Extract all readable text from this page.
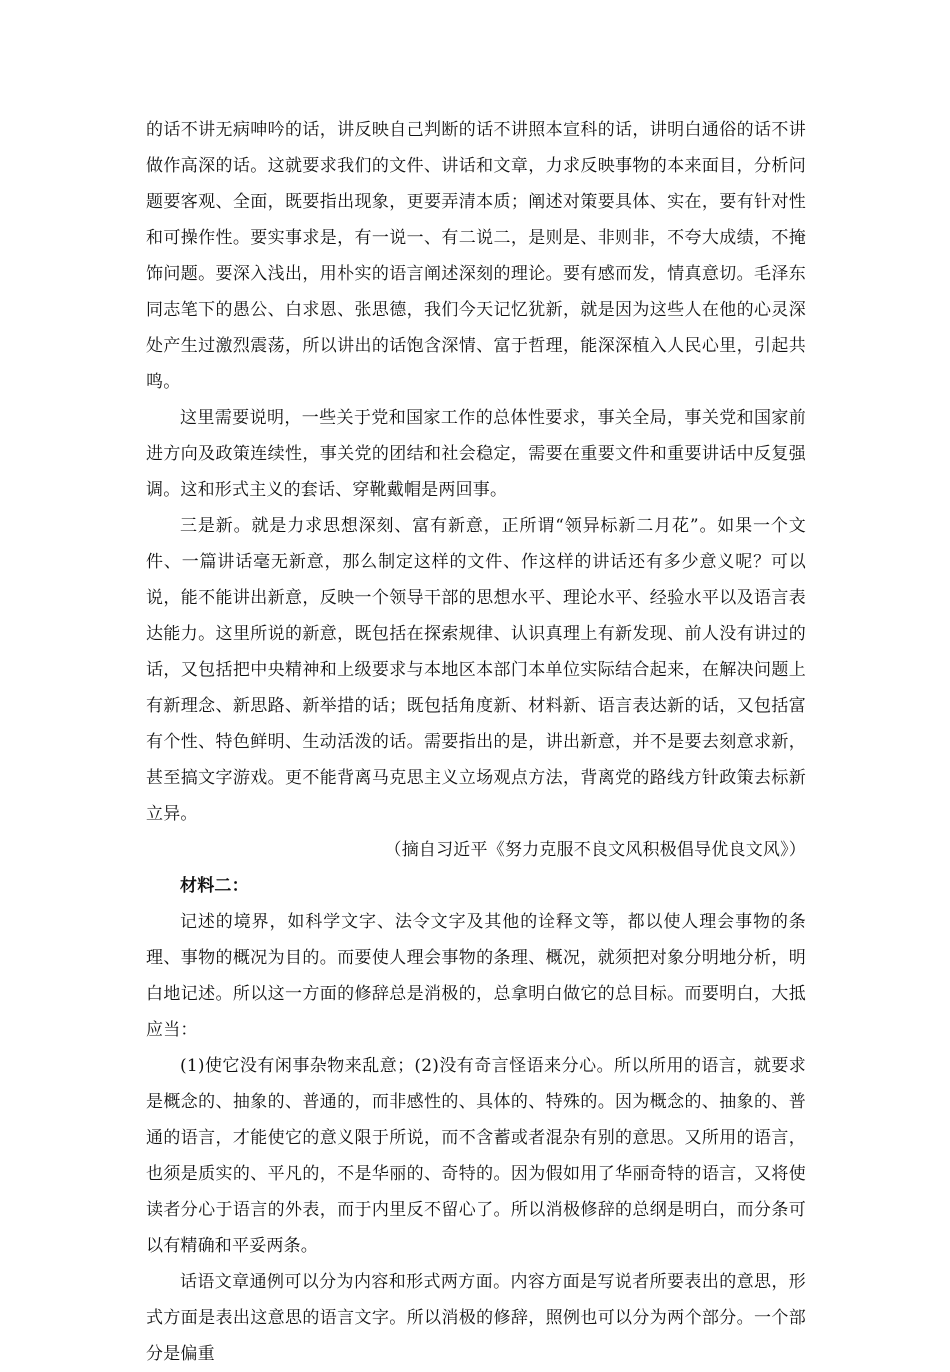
的话不讲无病呻吟的话，讲反映自己判断的话不讲照本宣科的话，讲明白通俗的话不讲做作高深的话。这就要求我们的文件、讲话和文章，力求反映事物的本来面目，分析问题要客观、全面，既要指出现象，更要弄清本质；阐述对策要具体、实在，要有针对性和可操作性。要实事求是，有一说一、有二说二，是则是、非则非，不夸大成绩，不掩饰问题。要深入浅出，用朴实的语言阐述深刻的理论。要有感而发，情真意切。毛泽东同志笔下的愚公、白求恩、张思德，我们今天记忆犹新，就是因为这些人在他的心灵深处产生过激烈震荡，所以讲出的话饱含深情、富于哲理，能深深植入人民心里，引起共鸣。

这里需要说明，一些关于党和国家工作的总体性要求，事关全局，事关党和国家前进方向及政策连续性，事关党的团结和社会稳定，需要在重要文件和重要讲话中反复强调。这和形式主义的套话、穿靴戴帽是两回事。

三是新。就是力求思想深刻、富有新意，正所谓“领异标新二月花”。如果一个文件、一篇讲话毫无新意，那么制定这样的文件、作这样的讲话还有多少意义呢？可以说，能不能讲出新意，反映一个领导干部的思想水平、理论水平、经验水平以及语言表达能力。这里所说的新意，既包括在探索规律、认识真理上有新发现、前人没有讲过的话，又包括把中央精神和上级要求与本地区本部门本单位实际结合起来，在解决问题上有新理念、新思路、新举措的话；既包括角度新、材料新、语言表达新的话，又包括富有个性、特色鲜明、生动活泼的话。需要指出的是，讲出新意，并不是要去刻意求新，甚至搞文字游戏。更不能背离马克思主义立场观点方法，背离党的路线方针政策去标新立异。

（摘自习近平《努力克服不良文风积极倡导优良文风》）

材料二：

记述的境界，如科学文字、法令文字及其他的诠释文等，都以使人理会事物的条理、事物的概况为目的。而要使人理会事物的条理、概况，就须把对象分明地分析，明白地记述。所以这一方面的修辞总是消极的，总拿明白做它的总目标。而要明白，大抵应当：

(1)使它没有闲事杂物来乱意；(2)没有奇言怪语来分心。所以所用的语言，就要求是概念的、抽象的、普通的，而非感性的、具体的、特殊的。因为概念的、抽象的、普通的语言，才能使它的意义限于所说，而不含蓄或者混杂有别的意思。又所用的语言，也须是质实的、平凡的，不是华丽的、奇特的。因为假如用了华丽奇特的语言，又将使读者分心于语言的外表，而于内里反不留心了。所以消极修辞的总纲是明白，而分条可以有精确和平妥两条。

话语文章通例可以分为内容和形式两方面。内容方面是写说者所要表出的意思，形式方面是表出这意思的语言文字。所以消极的修辞，照例也可以分为两个部分。一个部分是偏重
